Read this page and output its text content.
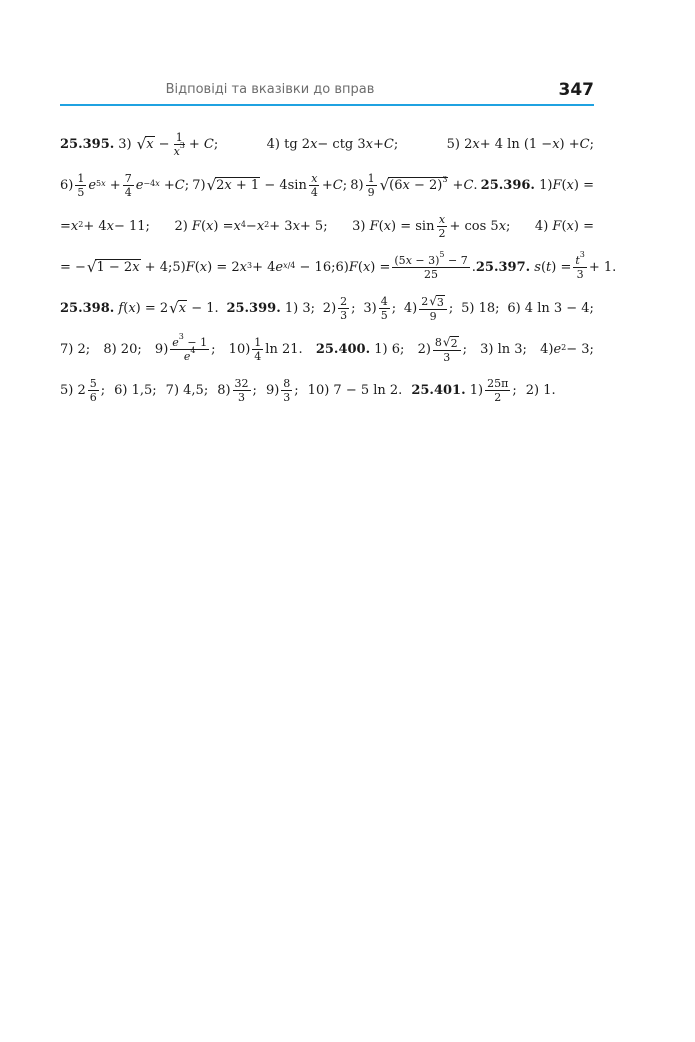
Відповіді та вказівки до вправ	347
25.395. 3) √ $x - \frac{1}{x^3} + C$ ;	4) tg 2 x − ctg 3 x + C ;	5) 2 x + 4 ln (1 − x ) + C ;
$6) \frac{1}{5} e^{5x} + \frac{7}{4} e^{-4x} + C$ ; 7) √ $2x + 1 - 4\sin \frac{x}{4} + C$ ; $8) \frac{1}{9}$ √ $(6x - 2)^3 + C$ . 25.396. 1) F ( x ) =
= $x^2 + 4$ x − 11; 2) F ( x ) = $x^4 - x^2 + 3$ x + 5; 3) F ( x ) = $\sin \frac{x}{2} + \cos 5$ x ; 4) F ( x ) =
= − √ 1 − 2x + 4; 5) F ( x ) = 2 $x^3 + 4$ e $^{x/4}$ − 16; 6) F ( x ) = $\frac{(5x - 3)^5 - 7}{25}$ . 25.397.
s ( t ) = $\frac{t^3}{3} + 1$.
25.398.
f ( x ) = 2 √ x − 1. 25.399. 1) 3; $2) \frac{2}{3}$ ; $3) \frac{4}{5}$ ; $4) \frac{2 √ 3}{9}$ ; 5) 18; 6) 4 ln 3 − 4;
7) 2; 8) 20; $9) \frac{e^3 - 1}{e^4}$ ; $10) \frac{1}{4}$ ln 21. 25.400. 1) 6; $2) \frac{8 √ 2}{3}$ ; 3) ln 3; 4) $e^2 - 3$;
5) $2 \frac{5}{6}$ ; 6) 1,5; 7) 4,5; $8) \frac{32}{3}$ ; $9) \frac{8}{3}$ ; 10) 7 − 5 ln 2. 25.401. $1) \frac{25\pi}{2}$ ; 2) 1.
